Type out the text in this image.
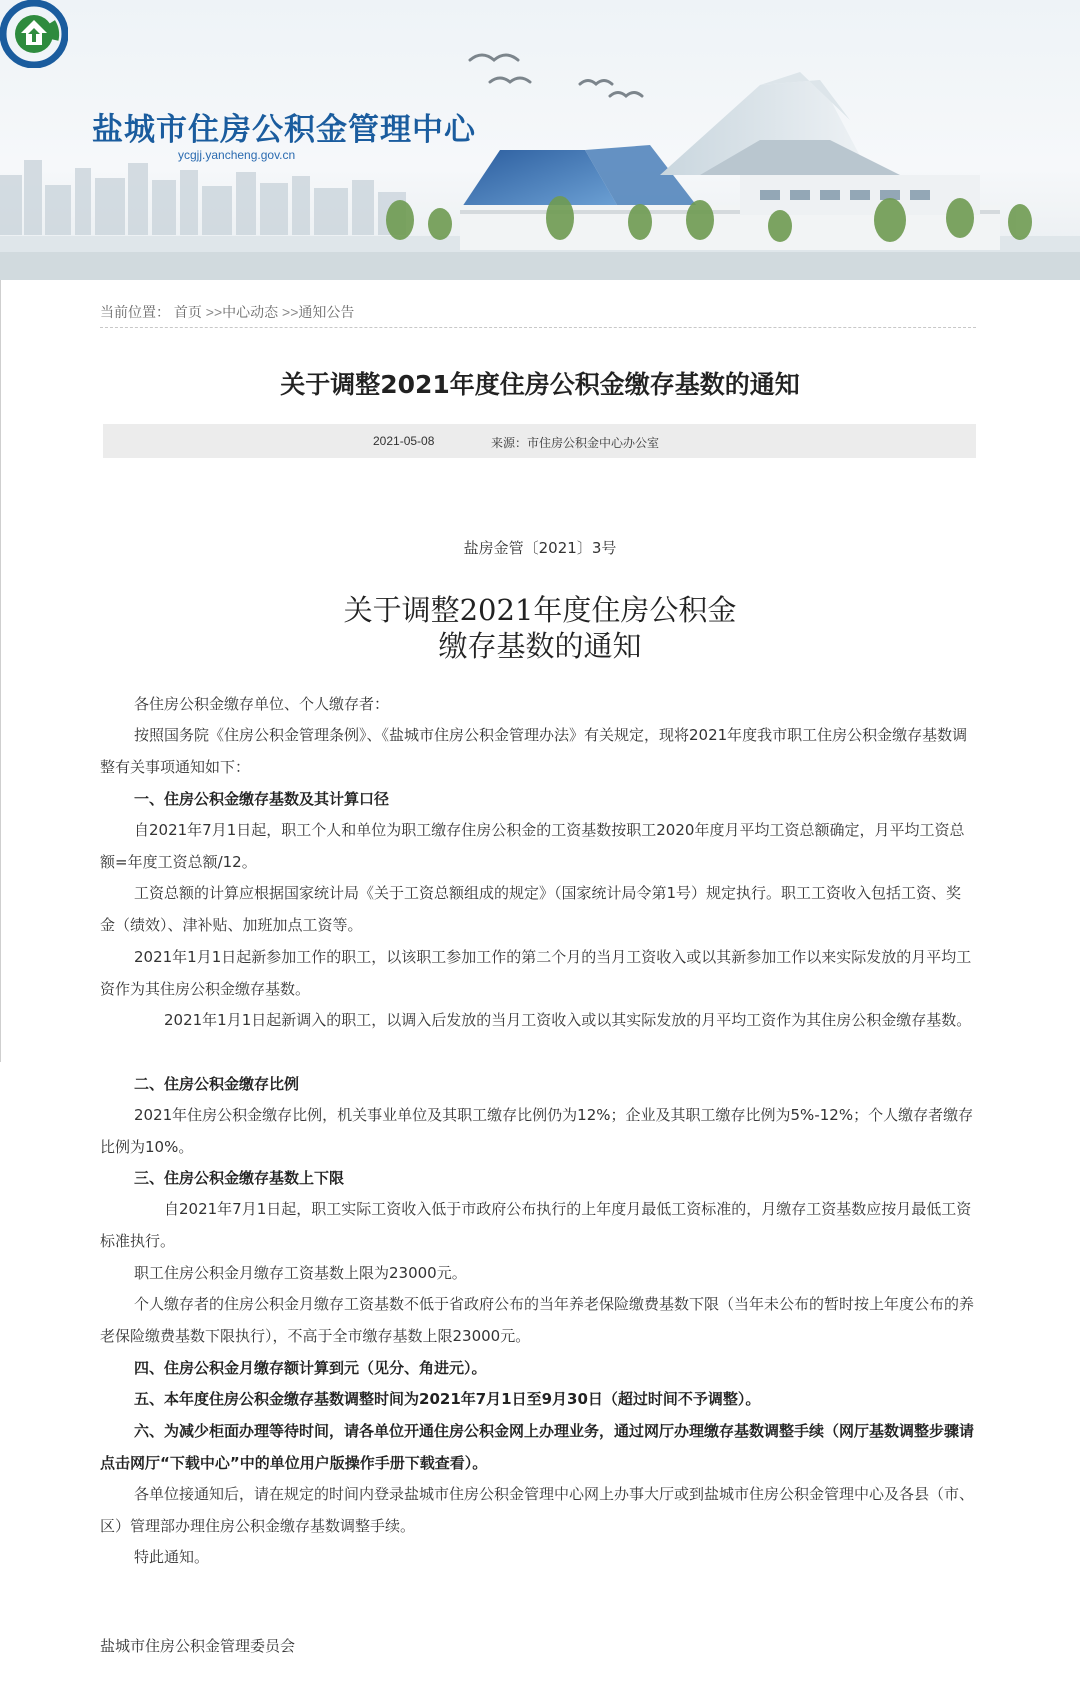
盐城市住房公积金管理中心
ycgjj.yancheng.gov.cn
当前位置： 首页 >>中心动态 >>通知公告
关于调整2021年度住房公积金缴存基数的通知
2021-05-08	来源：市住房公积金中心办公室
盐房金管〔2021〕3号
关于调整2021年度住房公积金
缴存基数的通知
各住房公积金缴存单位、个人缴存者：
按照国务院《住房公积金管理条例》、《盐城市住房公积金管理办法》有关规定，现将2021年度我市职工住房公积金缴存基数调整有关事项通知如下：
一、住房公积金缴存基数及其计算口径
自2021年7月1日起，职工个人和单位为职工缴存住房公积金的工资基数按职工2020年度月平均工资总额确定，月平均工资总额=年度工资总额/12。
工资总额的计算应根据国家统计局《关于工资总额组成的规定》（国家统计局令第1号）规定执行。职工工资收入包括工资、奖金（绩效）、津补贴、加班加点工资等。
2021年1月1日起新参加工作的职工，以该职工参加工作的第二个月的当月工资收入或以其新参加工作以来实际发放的月平均工资作为其住房公积金缴存基数。
2021年1月1日起新调入的职工，以调入后发放的当月工资收入或以其实际发放的月平均工资作为其住房公积金缴存基数。
二、住房公积金缴存比例
2021年住房公积金缴存比例，机关事业单位及其职工缴存比例仍为12%；企业及其职工缴存比例为5%-12%；个人缴存者缴存比例为10%。
三、住房公积金缴存基数上下限
自2021年7月1日起，职工实际工资收入低于市政府公布执行的上年度月最低工资标准的，月缴存工资基数应按月最低工资标准执行。
职工住房公积金月缴存工资基数上限为23000元。
个人缴存者的住房公积金月缴存工资基数不低于省政府公布的当年养老保险缴费基数下限（当年未公布的暂时按上年度公布的养老保险缴费基数下限执行），不高于全市缴存基数上限23000元。
四、住房公积金月缴存额计算到元（见分、角进元）。
五、本年度住房公积金缴存基数调整时间为2021年7月1日至9月30日（超过时间不予调整）。
六、为减少柜面办理等待时间，请各单位开通住房公积金网上办理业务，通过网厅办理缴存基数调整手续（网厅基数调整步骤请点击网厅“下载中心”中的单位用户版操作手册下载查看）。
各单位接通知后，请在规定的时间内登录盐城市住房公积金管理中心网上办事大厅或到盐城市住房公积金管理中心及各县（市、区）管理部办理住房公积金缴存基数调整手续。
特此通知。
盐城市住房公积金管理委员会
